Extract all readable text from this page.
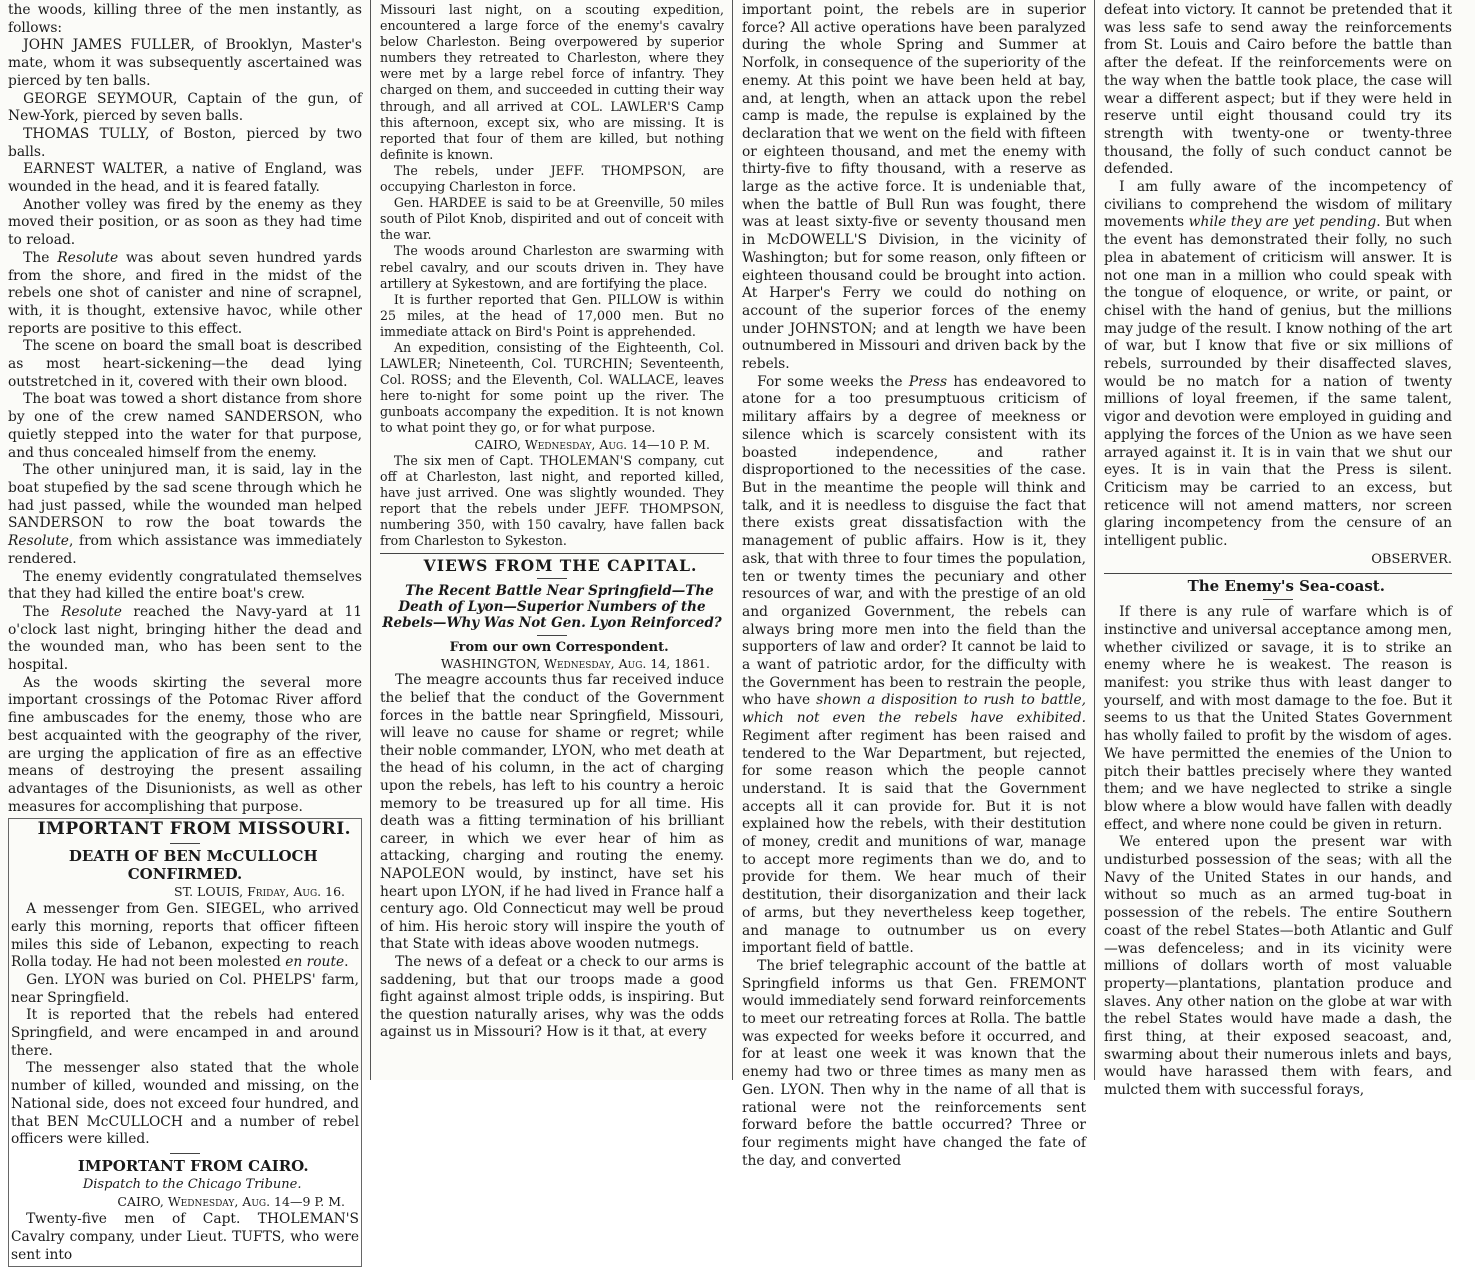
the woods, killing three of the men instantly, as follows:

JOHN JAMES FULLER, of Brooklyn, Master's mate, whom it was subsequently ascertained was pierced by ten balls.

GEORGE SEYMOUR, Captain of the gun, of New-York, pierced by seven balls.

THOMAS TULLY, of Boston, pierced by two balls.

EARNEST WALTER, a native of England, was wounded in the head, and it is feared fatally.

Another volley was fired by the enemy as they moved their position, or as soon as they had time to reload.

The Resolute was about seven hundred yards from the shore, and fired in the midst of the rebels one shot of canister and nine of scrapnel, with, it is thought, extensive havoc, while other reports are positive to this effect.

The scene on board the small boat is described as most heart-sickening—the dead lying outstretched in it, covered with their own blood.

The boat was towed a short distance from shore by one of the crew named SANDERSON, who quietly stepped into the water for that purpose, and thus concealed himself from the enemy.

The other uninjured man, it is said, lay in the boat stupefied by the sad scene through which he had just passed, while the wounded man helped SANDERSON to row the boat towards the Resolute, from which assistance was immediately rendered.

The enemy evidently congratulated themselves that they had killed the entire boat's crew.

The Resolute reached the Navy-yard at 11 o'clock last night, bringing hither the dead and the wounded man, who has been sent to the hospital.

As the woods skirting the several more important crossings of the Potomac River afford fine ambuscades for the enemy, those who are best acquainted with the geography of the river, are urging the application of fire as an effective means of destroying the present assailing advantages of the Disunionists, as well as other measures for accomplishing that purpose.

IMPORTANT FROM MISSOURI.

DEATH OF BEN McCULLOCH CONFIRMED.

ST. LOUIS, Friday, Aug. 16.

A messenger from Gen. SIEGEL, who arrived early this morning, reports that officer fifteen miles this side of Lebanon, expecting to reach Rolla today. He had not been molested en route.

Gen. LYON was buried on Col. PHELPS' farm, near Springfield.

It is reported that the rebels had entered Springfield, and were encamped in and around there.

The messenger also stated that the whole number of killed, wounded and missing, on the National side, does not exceed four hundred, and that BEN McCULLOCH and a number of rebel officers were killed.

IMPORTANT FROM CAIRO.

Dispatch to the Chicago Tribune.

CAIRO, Wednesday, Aug. 14—9 P. M.

Twenty-five men of Capt. THOLEMAN'S Cavalry company, under Lieut. TUFTS, who were sent into

Missouri last night, on a scouting expedition, encountered a large force of the enemy's cavalry below Charleston. Being overpowered by superior numbers they retreated to Charleston, where they were met by a large rebel force of infantry. They charged on them, and succeeded in cutting their way through, and all arrived at COL. LAWLER'S Camp this afternoon, except six, who are missing. It is reported that four of them are killed, but nothing definite is known.

The rebels, under JEFF. THOMPSON, are occupying Charleston in force.

Gen. HARDEE is said to be at Greenville, 50 miles south of Pilot Knob, dispirited and out of conceit with the war.

The woods around Charleston are swarming with rebel cavalry, and our scouts driven in. They have artillery at Sykestown, and are fortifying the place.

It is further reported that Gen. PILLOW is within 25 miles, at the head of 17,000 men. But no immediate attack on Bird's Point is apprehended.

An expedition, consisting of the Eighteenth, Col. LAWLER; Nineteenth, Col. TURCHIN; Seventeenth, Col. ROSS; and the Eleventh, Col. WALLACE, leaves here to-night for some point up the river. The gunboats accompany the expedition. It is not known to what point they go, or for what purpose.

CAIRO, Wednesday, Aug. 14—10 P. M.

The six men of Capt. THOLEMAN'S company, cut off at Charleston, last night, and reported killed, have just arrived. One was slightly wounded. They report that the rebels under JEFF. THOMPSON, numbering 350, with 150 cavalry, have fallen back from Charleston to Sykeston.

VIEWS FROM THE CAPITAL.

The Recent Battle Near Springfield—The Death of Lyon—Superior Numbers of the Rebels—Why Was Not Gen. Lyon Reinforced?

From our own Correspondent.

WASHINGTON, Wednesday, Aug. 14, 1861.

The meagre accounts thus far received induce the belief that the conduct of the Government forces in the battle near Springfield, Missouri, will leave no cause for shame or regret; while their noble commander, LYON, who met death at the head of his column, in the act of charging upon the rebels, has left to his country a heroic memory to be treasured up for all time. His death was a fitting termination of his brilliant career, in which we ever hear of him as attacking, charging and routing the enemy. NAPOLEON would, by instinct, have set his heart upon LYON, if he had lived in France half a century ago. Old Connecticut may well be proud of him. His heroic story will inspire the youth of that State with ideas above wooden nutmegs.

The news of a defeat or a check to our arms is saddening, but that our troops made a good fight against almost triple odds, is inspiring. But the question naturally arises, why was the odds against us in Missouri? How is it that, at every

important point, the rebels are in superior force? All active operations have been paralyzed during the whole Spring and Summer at Norfolk, in consequence of the superiority of the enemy. At this point we have been held at bay, and, at length, when an attack upon the rebel camp is made, the repulse is explained by the declaration that we went on the field with fifteen or eighteen thousand, and met the enemy with thirty-five to fifty thousand, with a reserve as large as the active force. It is undeniable that, when the battle of Bull Run was fought, there was at least sixty-five or seventy thousand men in McDOWELL'S Division, in the vicinity of Washington; but for some reason, only fifteen or eighteen thousand could be brought into action. At Harper's Ferry we could do nothing on account of the superior forces of the enemy under JOHNSTON; and at length we have been outnumbered in Missouri and driven back by the rebels.

For some weeks the Press has endeavored to atone for a too presumptuous criticism of military affairs by a degree of meekness or silence which is scarcely consistent with its boasted independence, and rather disproportioned to the necessities of the case. But in the meantime the people will think and talk, and it is needless to disguise the fact that there exists great dissatisfaction with the management of public affairs. How is it, they ask, that with three to four times the population, ten or twenty times the pecuniary and other resources of war, and with the prestige of an old and organized Government, the rebels can always bring more men into the field than the supporters of law and order? It cannot be laid to a want of patriotic ardor, for the difficulty with the Government has been to restrain the people, who have shown a disposition to rush to battle, which not even the rebels have exhibited. Regiment after regiment has been raised and tendered to the War Department, but rejected, for some reason which the people cannot understand. It is said that the Government accepts all it can provide for. But it is not explained how the rebels, with their destitution of money, credit and munitions of war, manage to accept more regiments than we do, and to provide for them. We hear much of their destitution, their disorganization and their lack of arms, but they nevertheless keep together, and manage to outnumber us on every important field of battle.

The brief telegraphic account of the battle at Springfield informs us that Gen. FREMONT would immediately send forward reinforcements to meet our retreating forces at Rolla. The battle was expected for weeks before it occurred, and for at least one week it was known that the enemy had two or three times as many men as Gen. LYON. Then why in the name of all that is rational were not the reinforcements sent forward before the battle occurred? Three or four regiments might have changed the fate of the day, and converted

defeat into victory. It cannot be pretended that it was less safe to send away the reinforcements from St. Louis and Cairo before the battle than after the defeat. If the reinforcements were on the way when the battle took place, the case will wear a different aspect; but if they were held in reserve until eight thousand could try its strength with twenty-one or twenty-three thousand, the folly of such conduct cannot be defended.

I am fully aware of the incompetency of civilians to comprehend the wisdom of military movements while they are yet pending. But when the event has demonstrated their folly, no such plea in abatement of criticism will answer. It is not one man in a million who could speak with the tongue of eloquence, or write, or paint, or chisel with the hand of genius, but the millions may judge of the result. I know nothing of the art of war, but I know that five or six millions of rebels, surrounded by their disaffected slaves, would be no match for a nation of twenty millions of loyal freemen, if the same talent, vigor and devotion were employed in guiding and applying the forces of the Union as we have seen arrayed against it. It is in vain that we shut our eyes. It is in vain that the Press is silent. Criticism may be carried to an excess, but reticence will not amend matters, nor screen glaring incompetency from the censure of an intelligent public.

OBSERVER.

The Enemy's Sea-coast.

If there is any rule of warfare which is of instinctive and universal acceptance among men, whether civilized or savage, it is to strike an enemy where he is weakest. The reason is manifest: you strike thus with least danger to yourself, and with most damage to the foe. But it seems to us that the United States Government has wholly failed to profit by the wisdom of ages. We have permitted the enemies of the Union to pitch their battles precisely where they wanted them; and we have neglected to strike a single blow where a blow would have fallen with deadly effect, and where none could be given in return.

We entered upon the present war with undisturbed possession of the seas; with all the Navy of the United States in our hands, and without so much as an armed tug-boat in possession of the rebels. The entire Southern coast of the rebel States—both Atlantic and Gulf—was defenceless; and in its vicinity were millions of dollars worth of most valuable property—plantations, plantation produce and slaves. Any other nation on the globe at war with the rebel States would have made a dash, the first thing, at their exposed seacoast, and, swarming about their numerous inlets and bays, would have harassed them with fears, and mulcted them with successful forays,
